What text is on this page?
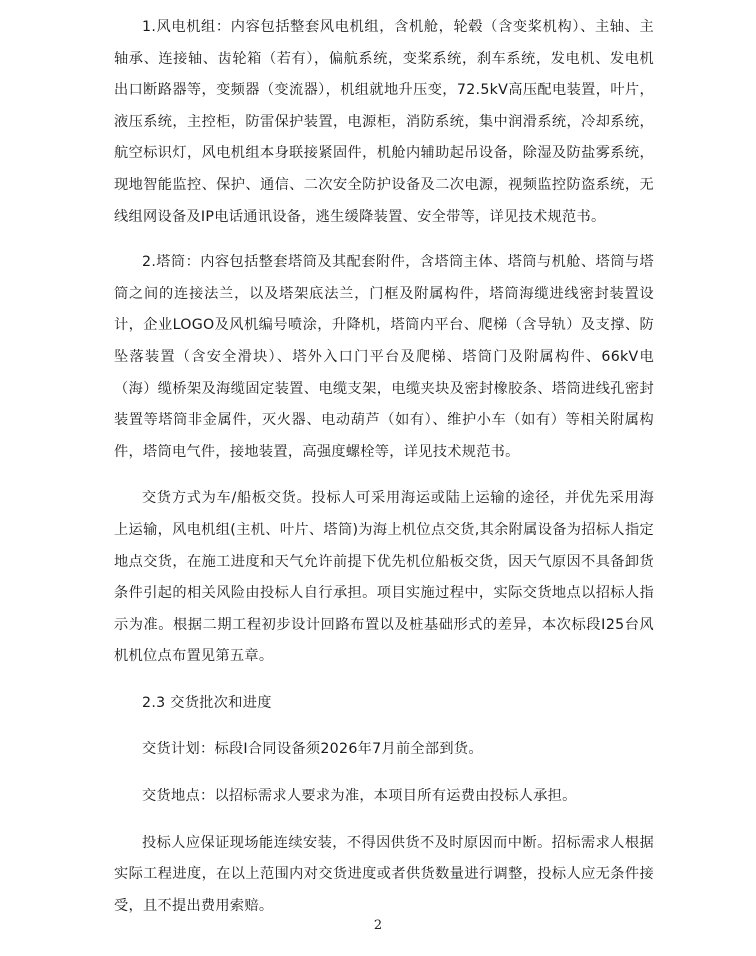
1.风电机组：内容包括整套风电机组，含机舱，轮毂（含变桨机构）、主轴、主轴承、连接轴、齿轮箱（若有），偏航系统，变桨系统，刹车系统，发电机、发电机出口断路器等，变频器（变流器），机组就地升压变，72.5kV高压配电装置，叶片，液压系统，主控柜，防雷保护装置，电源柜，消防系统，集中润滑系统，冷却系统，航空标识灯，风电机组本身联接紧固件，机舱内辅助起吊设备，除湿及防盐雾系统，现地智能监控、保护、通信、二次安全防护设备及二次电源，视频监控防盗系统，无线组网设备及IP电话通讯设备，逃生缓降装置、安全带等，详见技术规范书。

2.塔筒：内容包括整套塔筒及其配套附件，含塔筒主体、塔筒与机舱、塔筒与塔筒之间的连接法兰，以及塔架底法兰，门框及附属构件，塔筒海缆进线密封装置设计，企业LOGO及风机编号喷涂，升降机，塔筒内平台、爬梯（含导轨）及支撑、防坠落装置（含安全滑块）、塔外入口门平台及爬梯、塔筒门及附属构件、66kV电（海）缆桥架及海缆固定装置、电缆支架，电缆夹块及密封橡胶条、塔筒进线孔密封装置等塔筒非金属件，灭火器、电动葫芦（如有）、维护小车（如有）等相关附属构件，塔筒电气件，接地装置，高强度螺栓等，详见技术规范书。

交货方式为车/船板交货。投标人可采用海运或陆上运输的途径，并优先采用海上运输，风电机组(主机、叶片、塔筒)为海上机位点交货,其余附属设备为招标人指定地点交货，在施工进度和天气允许前提下优先机位船板交货，因天气原因不具备卸货条件引起的相关风险由投标人自行承担。项目实施过程中，实际交货地点以招标人指示为准。根据二期工程初步设计回路布置以及桩基础形式的差异，本次标段Ⅰ25台风机机位点布置见第五章。

2.3 交货批次和进度

交货计划：标段Ⅰ合同设备须2026年7月前全部到货。

交货地点：以招标需求人要求为准，本项目所有运费由投标人承担。

投标人应保证现场能连续安装，不得因供货不及时原因而中断。招标需求人根据实际工程进度，在以上范围内对交货进度或者供货数量进行调整，投标人应无条件接受，且不提出费用索赔。

2
